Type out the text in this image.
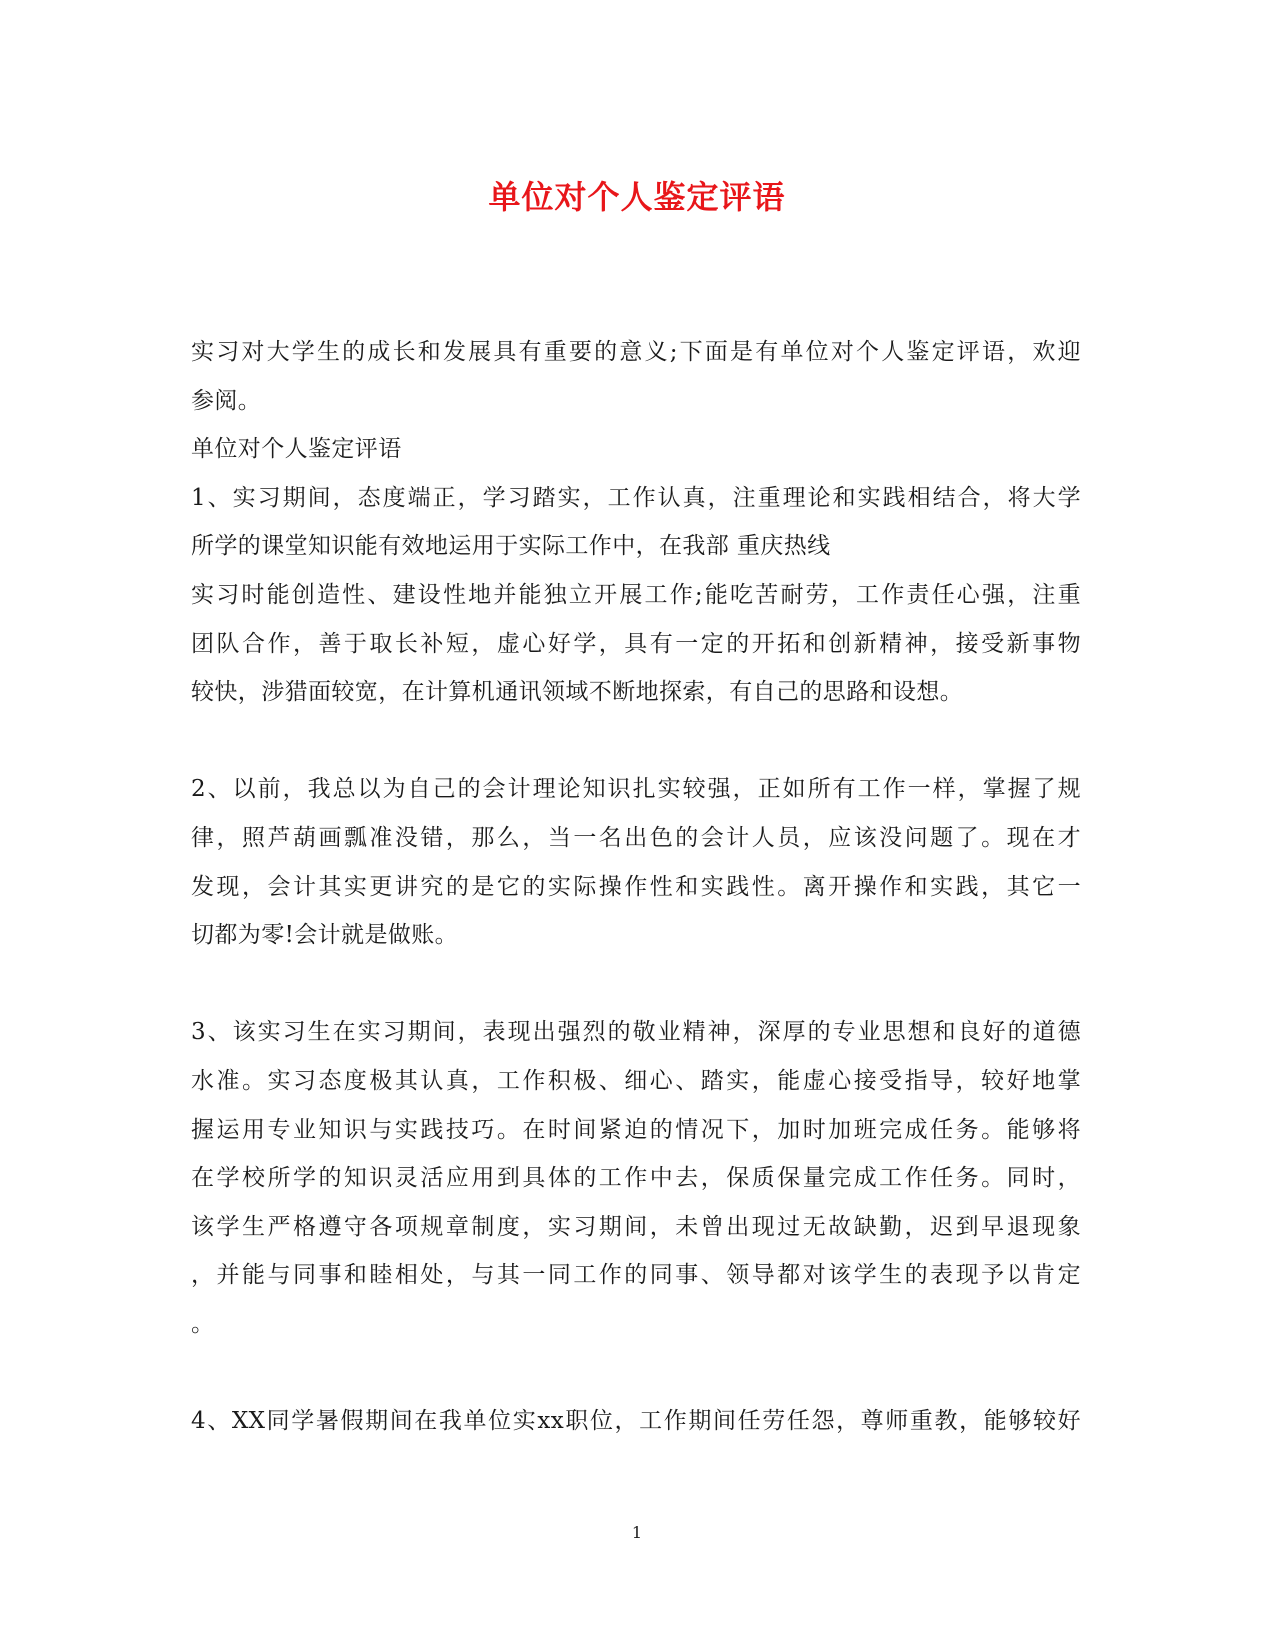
单位对个人鉴定评语
实习对大学生的成长和发展具有重要的意义;下面是有单位对个人鉴定评语，欢迎
参阅。
单位对个人鉴定评语
1、实习期间，态度端正，学习踏实，工作认真，注重理论和实践相结合，将大学
所学的课堂知识能有效地运用于实际工作中，在我部 重庆热线
实习时能创造性、建设性地并能独立开展工作;能吃苦耐劳，工作责任心强，注重
团队合作，善于取长补短，虚心好学，具有一定的开拓和创新精神，接受新事物
较快，涉猎面较宽，在计算机通讯领域不断地探索，有自己的思路和设想。
2、以前，我总以为自己的会计理论知识扎实较强，正如所有工作一样，掌握了规
律，照芦葫画瓢准没错，那么，当一名出色的会计人员，应该没问题了。现在才
发现，会计其实更讲究的是它的实际操作性和实践性。离开操作和实践，其它一
切都为零!会计就是做账。
3、该实习生在实习期间，表现出强烈的敬业精神，深厚的专业思想和良好的道德
水准。实习态度极其认真，工作积极、细心、踏实，能虚心接受指导，较好地掌
握运用专业知识与实践技巧。在时间紧迫的情况下，加时加班完成任务。能够将
在学校所学的知识灵活应用到具体的工作中去，保质保量完成工作任务。同时，
该学生严格遵守各项规章制度，实习期间，未曾出现过无故缺勤，迟到早退现象
，并能与同事和睦相处，与其一同工作的同事、领导都对该学生的表现予以肯定
。
4、XX同学暑假期间在我单位实xx职位，工作期间任劳任怨，尊师重教，能够较好
1
